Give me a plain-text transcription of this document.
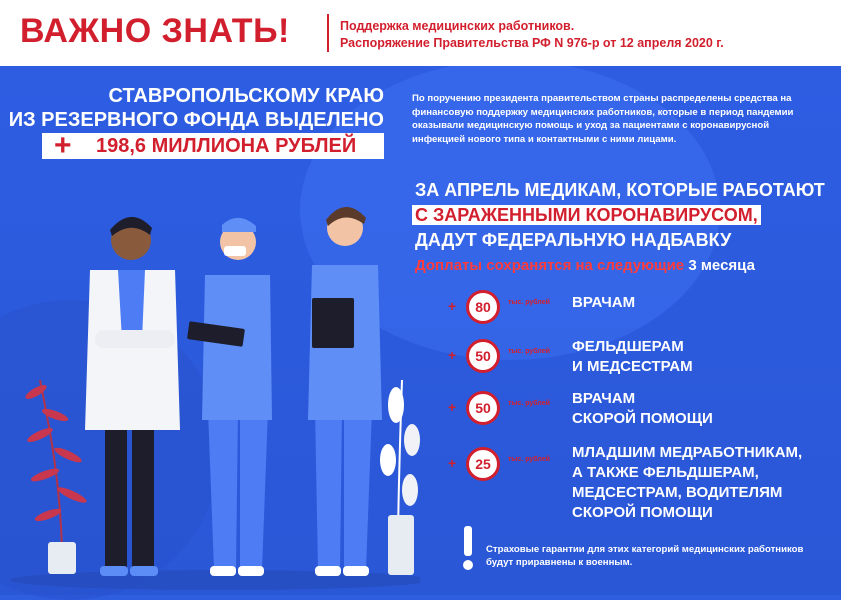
ВАЖНО ЗНАТЬ!	Поддержка медицинских работников.
Распоряжение Правительства РФ N 976-р от 12 апреля 2020 г.
СТАВРОПОЛЬСКОМУ КРАЮ
ИЗ РЕЗЕРВНОГО ФОНДА ВЫДЕЛЕНО
+ 198,6 МИЛЛИОНА РУБЛЕЙ
По поручению президента правительством страны распределены средства на финансовую поддержку медицинских работников, которые в период пандемии оказывали медицинскую помощь и уход за пациентами с коронавирусной инфекцией нового типа и контактными с ними лицами.
ЗА АПРЕЛЬ МЕДИКАМ, КОТОРЫЕ РАБОТАЮТ
С ЗАРАЖЕННЫМИ КОРОНАВИРУСОМ,
ДАДУТ ФЕДЕРАЛЬНУЮ НАДБАВКУ
Доплаты сохранятся на следующие 3 месяца
+	80	тыс. рублей ВРАЧАМ
+	50	тыс. рублей ФЕЛЬДШЕРАМ
И МЕДСЕСТРАМ
+	50	тыс. рублей ВРАЧАМ
СКОРОЙ ПОМОЩИ
+	25	тыс. рублей МЛАДШИМ МЕДРАБОТНИКАМ,
А ТАКЖЕ ФЕЛЬДШЕРАМ,
МЕДСЕСТРАМ, ВОДИТЕЛЯМ
СКОРОЙ ПОМОЩИ
Страховые гарантии для этих категорий медицинских работников будут приравнены к военным.
